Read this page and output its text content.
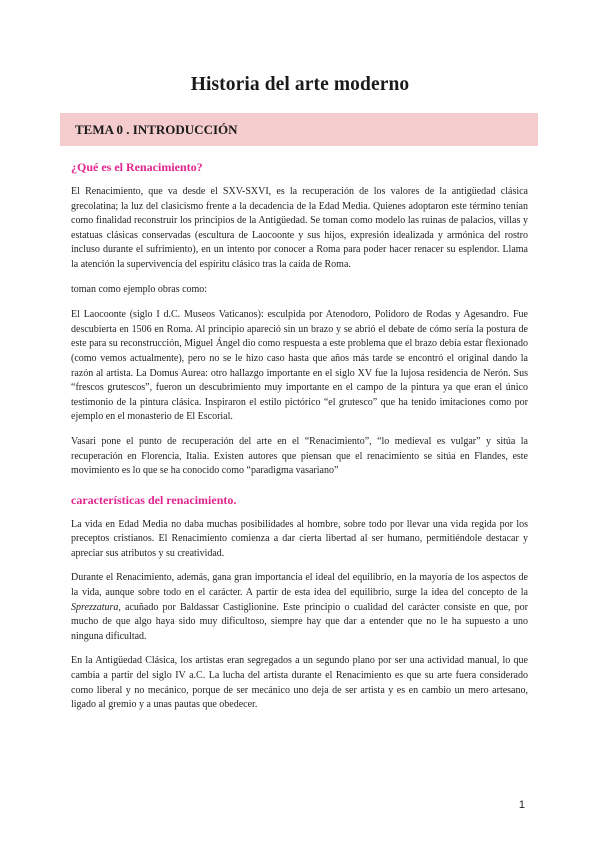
Historia del arte moderno
TEMA 0 . INTRODUCCIÓN
¿Qué es el Renacimiento?

El Renacimiento, que va desde el SXV-SXVI, es la recuperación de los valores de la antigüedad clásica grecolatina; la luz del clasicismo frente a la decadencia de la Edad Media. Quienes adoptaron este término tenían como finalidad reconstruir los principios de la Antigüedad. Se toman como modelo las ruinas de palacios, villas y estatuas clásicas conservadas (escultura de Laocoonte y sus hijos, expresión idealizada y armónica del rostro incluso durante el sufrimiento), en un intento por conocer a Roma para poder hacer renacer su esplendor. Llama la atención la supervivencia del espíritu clásico tras la caída de Roma.

toman como ejemplo obras como:

El Laocoonte (siglo I d.C. Museos Vaticanos): esculpida por Atenodoro, Polidoro de Rodas y Agesandro. Fue descubierta en 1506 en Roma. Al principio apareció sin un brazo y se abrió el debate de cómo sería la postura de este para su reconstrucción, Miguel Ángel dio como respuesta a este problema que el brazo debía estar flexionado (como vemos actualmente), pero no se le hizo caso hasta que años más tarde se encontró el original dando la razón al artista. La Domus Aurea: otro hallazgo importante en el siglo XV fue la lujosa residencia de Nerón. Sus “frescos grutescos”, fueron un descubrimiento muy importante en el campo de la pintura ya que eran el único testimonio de la pintura clásica. Inspiraron el estilo pictórico “el grutesco” que ha tenido imitaciones como por ejemplo en el monasterio de El Escorial.

Vasari pone el punto de recuperación del arte en el “Renacimiento”, “lo medieval es vulgar” y sitúa la recuperación en Florencia, Italia. Existen autores que piensan que el renacimiento se sitúa en Flandes, este movimiento es lo que se ha conocido como “paradigma vasariano”

características del renacimiento.

La vida en Edad Media no daba muchas posibilidades al hombre, sobre todo por llevar una vida regida por los preceptos cristianos. El Renacimiento comienza a dar cierta libertad al ser humano, permitiéndole destacar y apreciar sus atributos y su creatividad.

Durante el Renacimiento, además, gana gran importancia el ideal del equilibrio, en la mayoría de los aspectos de la vida, aunque sobre todo en el carácter. A partir de esta idea del equilibrio, surge la idea del concepto de la Sprezzatura, acuñado por Baldassar Castiglionine. Este principio o cualidad del carácter consiste en que, por mucho de que algo haya sido muy dificultoso, siempre hay que dar a entender que no le ha supuesto a uno ninguna dificultad.

En la Antigüedad Clásica, los artistas eran segregados a un segundo plano por ser una actividad manual, lo que cambia a partir del siglo IV a.C. La lucha del artista durante el Renacimiento es que su arte fuera considerado como liberal y no mecánico, porque de ser mecánico uno deja de ser artista y es en cambio un mero artesano, ligado al gremio y a unas pautas que obedecer.

1
